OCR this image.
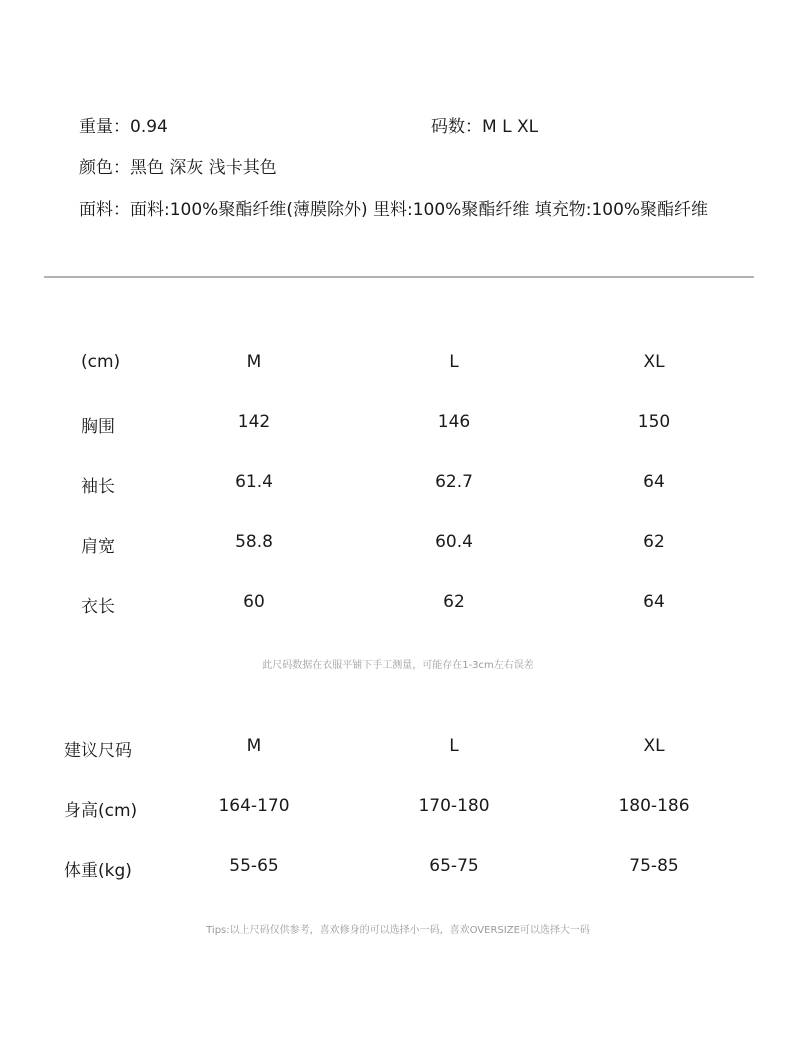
重量：0.94	码数：M L XL
颜色：黑色 深灰 浅卡其色
面料：面料:100%聚酯纤维(薄膜除外) 里料:100%聚酯纤维 填充物:100%聚酯纤维
(cm)	M	L	XL
胸围	142	146	150
袖长	61.4	62.7	64
肩宽	58.8	60.4	62
衣长	60	62	64
此尺码数据在衣服平铺下手工测量，可能存在1-3cm左右误差
建议尺码	M	L	XL
身高(cm)	164-170	170-180	180-186
体重(kg)	55-65	65-75	75-85
Tips:以上尺码仅供参考，喜欢修身的可以选择小一码，喜欢OVERSIZE可以选择大一码
